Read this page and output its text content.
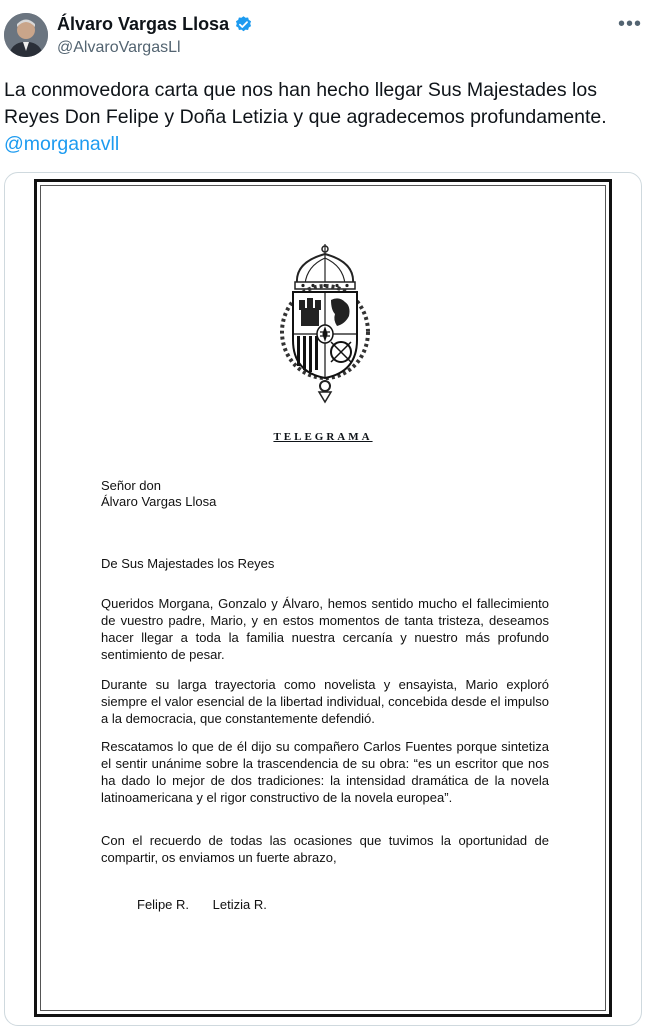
Álvaro Vargas Llosa
@AlvaroVargasLl
•••
La conmovedora carta que nos han hecho llegar Sus Majestades los Reyes Don Felipe y Doña Letizia y que agradecemos profundamente.
@morganavll
TELEGRAMA
Señor don
Álvaro Vargas Llosa
De Sus Majestades los Reyes
Queridos Morgana, Gonzalo y Álvaro, hemos sentido mucho el fallecimiento de vuestro padre, Mario, y en estos momentos de tanta tristeza, deseamos hacer llegar a toda la familia nuestra cercanía y nuestro más profundo sentimiento de pesar.
Durante su larga trayectoria como novelista y ensayista, Mario exploró siempre el valor esencial de la libertad individual, concebida desde el impulso a la democracia, que constantemente defendió.
Rescatamos lo que de él dijo su compañero Carlos Fuentes porque sintetiza el sentir unánime sobre la trascendencia de su obra: “es un escritor que nos ha dado lo mejor de dos tradiciones: la intensidad dramática de la novela latinoamericana y el rigor constructivo de la novela europea”.
Con el recuerdo de todas las ocasiones que tuvimos la oportunidad de compartir, os enviamos un fuerte abrazo,
Felipe R. Letizia R.
